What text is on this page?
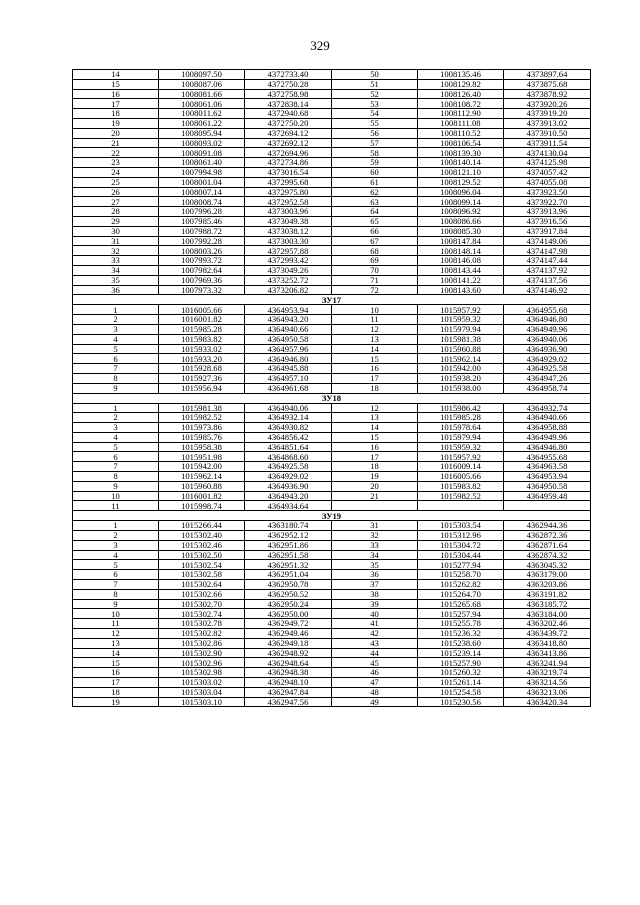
329
14	1008097.50	4372733.40	50	1008135.46	4373897.64
15	1008087.06	4372750.28	51	1008129.82	4373875.68
16	1008081.66	4372758.98	52	1008126.40	4373878.92
17	1008061.06	4372838.14	53	1008108.72	4373920.26
18	1008011.62	4372940.68	54	1008112.90	4373919.20
19	1008061.22	4372750.20	55	1008111.08	4373913.02
20	1008095.94	4372694.12	56	1008110.52	4373910.50
21	1008093.02	4372692.12	57	1008106.54	4373911.54
22	1008091.08	4372694.96	58	1008139.30	4374130.04
23	1008061.40	4372734.86	59	1008140.14	4374125.98
24	1007994.98	4373016.54	60	1008121.10	4374057.42
25	1008001.04	4372995.68	61	1008129.52	4374055.08
26	1008007.14	4372975.80	62	1008096.04	4373923.50
27	1008008.74	4372952.58	63	1008099.14	4373922.70
28	1007996.28	4373003.96	64	1008096.92	4373913.96
29	1007985.46	4373049.38	65	1008086.66	4373916.56
30	1007988.72	4373038.12	66	1008085.30	4373917.84
31	1007992.28	4373003.30	67	1008147.84	4374149.06
32	1008003.26	4372957.88	68	1008148.14	4374147.98
33	1007993.72	4372993.42	69	1008146.08	4374147.44
34	1007982.64	4373049.26	70	1008143.44	4374137.92
35	1007969.36	4373252.72	71	1008141.22	4374137.56
36	1007973.32	4373206.82	72	1008143.60	4374146.92
ЗУ17					
1	1016005.66	4364953.94	10	1015957.92	4364955.68
2	1016001.82	4364943.20	11	1015959.32	4364946.80
3	1015985.28	4364940.66	12	1015979.94	4364949.96
4	1015983.82	4364950.58	13	1015981.38	4364940.06
5	1015933.02	4364957.96	14	1015960.88	4364936.90
6	1015933.20	4364946.80	15	1015962.14	4364929.02
7	1015928.68	4364945.88	16	1015942.00	4364925.58
8	1015927.36	4364957.10	17	1015938.20	4364947.26
9	1015956.94	4364961.68	18	1015938.00	4364958.74
ЗУ18					
1	1015981.38	4364940.06	12	1015986.42	4364932.74
2	1015982.52	4364932.14	13	1015985.28	4364940.66
3	1015973.86	4364930.82	14	1015978.64	4364958.88
4	1015985.76	4364856.42	15	1015979.94	4364949.96
5	1015958.38	4364851.64	16	1015959.32	4364946.80
6	1015951.98	4364868.60	17	1015957.92	4364955.68
7	1015942.00	4364925.58	18	1016009.14	4364963.58
8	1015962.14	4364929.02	19	1016005.66	4364953.94
9	1015960.88	4364936.90	20	1015983.82	4364950.58
10	1016001.82	4364943.20	21	1015982.52	4364959.48
11	1015998.74	4364934.64			
ЗУ19					
1	1015266.44	4363180.74	31	1015303.54	4362944.36
2	1015302.40	4362952.12	32	1015312.96	4362872.36
3	1015302.46	4362951.86	33	1015304.72	4362871.64
4	1015302.50	4362951.58	34	1015304.44	4362874.32
5	1015302.54	4362951.32	35	1015277.94	4363045.32
6	1015302.58	4362951.04	36	1015258.70	4363179.00
7	1015302.64	4362950.78	37	1015262.82	4363203.86
8	1015302.66	4362950.52	38	1015264.70	4363191.82
9	1015302.70	4362950.24	39	1015265.68	4363185.72
10	1015302.74	4362950.00	40	1015257.94	4363184.00
11	1015302.78	4362949.72	41	1015255.78	4363202.46
12	1015302.82	4362949.46	42	1015236.32	4363439.72
13	1015302.86	4362949.18	43	1015238.60	4363418.80
14	1015302.90	4362948.92	44	1015239.14	4363413.86
15	1015302.96	4362948.64	45	1015257.90	4363241.94
16	1015302.98	4362948.38	46	1015260.32	4363219.74
17	1015303.02	4362948.10	47	1015261.14	4363214.56
18	1015303.04	4362947.84	48	1015254.58	4363213.06
19	1015303.10	4362947.56	49	1015230.56	4363420.34
